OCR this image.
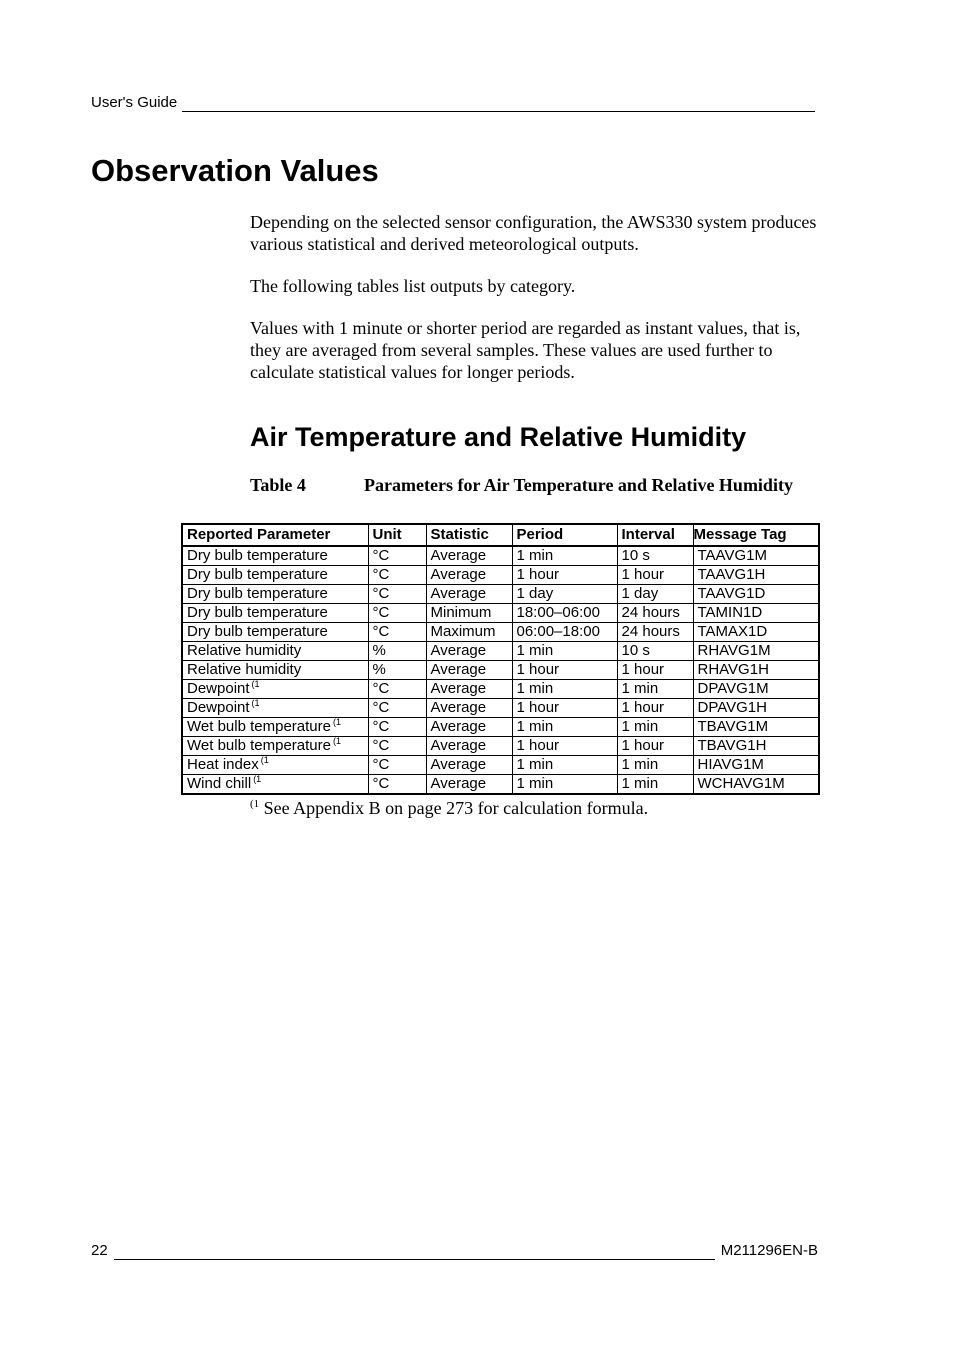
User's Guide
Observation Values

Depending on the selected sensor configuration, the AWS330 system produces various statistical and derived meteorological outputs.

The following tables list outputs by category.

Values with 1 minute or shorter period are regarded as instant values, that is, they are averaged from several samples. These values are used further to calculate statistical values for longer periods.

Air Temperature and Relative Humidity
Table 4	Parameters for Air Temperature and Relative Humidity
Reported Parameter	Unit	Statistic	Period	Interval	Message Tag
Dry bulb temperature	°C	Average	1 min	10 s	TAAVG1M
Dry bulb temperature	°C	Average	1 hour	1 hour	TAAVG1H
Dry bulb temperature	°C	Average	1 day	1 day	TAAVG1D
Dry bulb temperature	°C	Minimum	18:00–06:00	24 hours	TAMIN1D
Dry bulb temperature	°C	Maximum	06:00–18:00	24 hours	TAMAX1D
Relative humidity	%	Average	1 min	10 s	RHAVG1M
Relative humidity	%	Average	1 hour	1 hour	RHAVG1H
Dewpoint $^{(1}$	°C	Average	1 min	1 min	DPAVG1M
Dewpoint $^{(1}$	°C	Average	1 hour	1 hour	DPAVG1H
Wet bulb temperature $^{(1}$	°C	Average	1 min	1 min	TBAVG1M
Wet bulb temperature $^{(1}$	°C	Average	1 hour	1 hour	TBAVG1H
Heat index $^{(1}$	°C	Average	1 min	1 min	HIAVG1M
Wind chill $^{(1}$	°C	Average	1 min	1 min	WCHAVG1M
$^{(1}$ See Appendix B on page 273 for calculation formula.
22	M211296EN-B
